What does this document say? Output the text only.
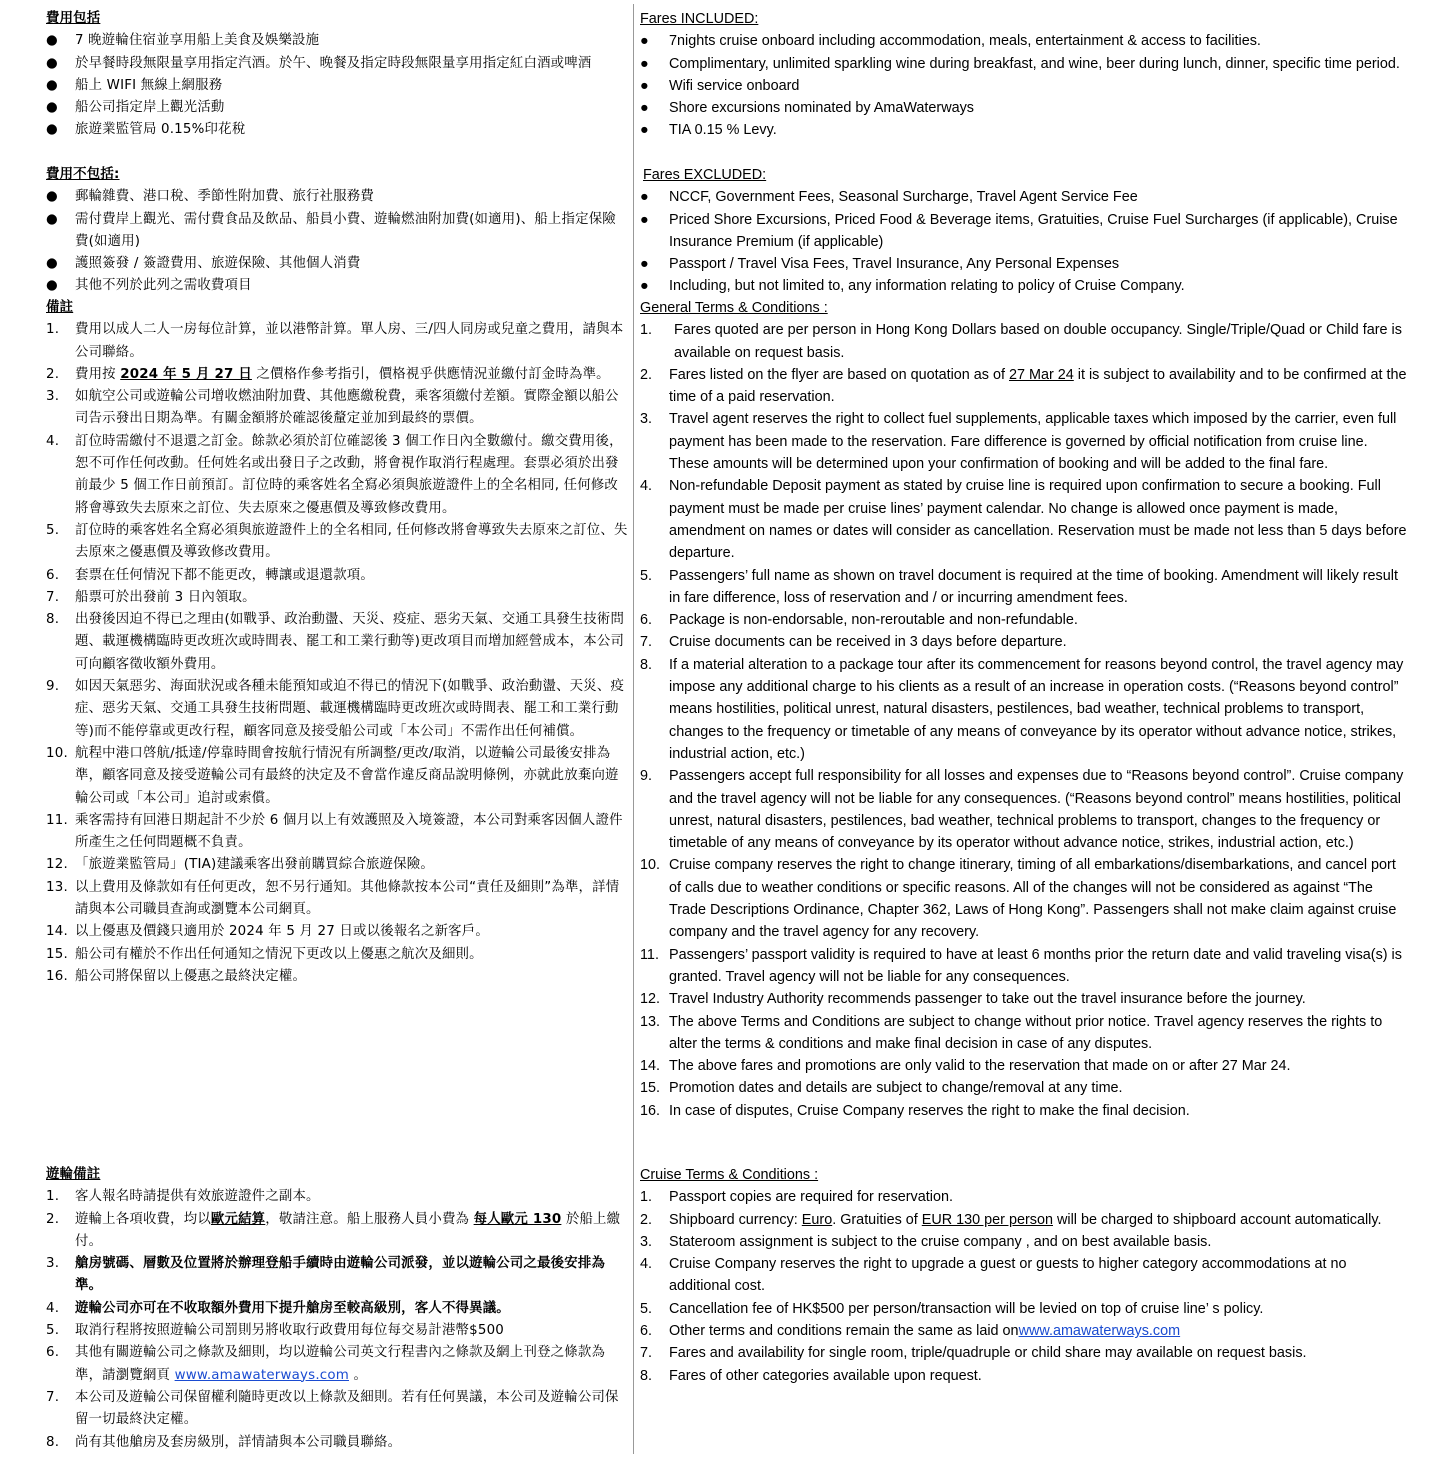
費用包括
●	7 晚遊輪住宿並享用船上美食及娛樂設施
●	於早餐時段無限量享用指定汽酒。於午、晚餐及指定時段無限量享用指定紅白酒或啤酒
●	船上 WIFI 無線上網服務
●	船公司指定岸上觀光活動
●	旅遊業監管局 0.15%印花稅
費用不包括:
●	郵輪雜費、港口稅、季節性附加費、旅行社服務費
●	需付費岸上觀光、需付費食品及飲品、船員小費、遊輪燃油附加費(如適用)、船上指定保險費(如適用)
●	護照簽發 / 簽證費用、旅遊保險、其他個人消費
●	其他不列於此列之需收費項目
備註
1.	費用以成人二人一房每位計算，並以港幣計算。單人房、三/四人同房或兒童之費用，請與本公司聯絡。
2.	費用按 2024 年 5 月 27 日 之價格作參考指引，價格視乎供應情況並繳付訂金時為準。
3.	如航空公司或遊輪公司增收燃油附加費、其他應繳稅費，乘客須繳付差額。實際金額以船公司告示發出日期為準。有關金額將於確認後釐定並加到最終的票價。
4.	訂位時需繳付不退還之訂金。餘款必須於訂位確認後 3 個工作日內全數繳付。繳交費用後，恕不可作任何改動。任何姓名或出發日子之改動，將會視作取消行程處理。套票必須於出發前最少 5 個工作日前預訂。訂位時的乘客姓名全寫必須與旅遊證件上的全名相同, 任何修改將會導致失去原來之訂位、失去原來之優惠價及導致修改費用。
5.	訂位時的乘客姓名全寫必須與旅遊證件上的全名相同, 任何修改將會導致失去原來之訂位、失去原來之優惠價及導致修改費用。
6.	套票在任何情況下都不能更改，轉讓或退還款項。
7.	船票可於出發前 3 日內領取。
8.	出發後因迫不得已之理由(如戰爭、政治動盪、天災、疫症、惡劣天氣、交通工具發生技術問題、載運機構臨時更改班次或時間表、罷工和工業行動等)更改項目而增加經營成本，本公司可向顧客徵收額外費用。
9.	如因天氣惡劣、海面狀況或各種未能預知或迫不得已的情況下(如戰爭、政治動盪、天災、疫症、惡劣天氣、交通工具發生技術問題、載運機構臨時更改班次或時間表、罷工和工業行動等)而不能停靠或更改行程，顧客同意及接受船公司或「本公司」不需作出任何補償。
10. 航程中港口啓航/抵達/停靠時間會按航行情況有所調整/更改/取消，以遊輪公司最後安排為準，顧客同意及接受遊輪公司有最終的決定及不會當作違反商品說明條例，亦就此放棄向遊輪公司或「本公司」追討或索償。
11. 乘客需持有回港日期起計不少於 6 個月以上有效護照及入境簽證，本公司對乘客因個人證件所產生之任何問題概不負責。
12. 「旅遊業監管局」(TIA)建議乘客出發前購買綜合旅遊保險。
13. 以上費用及條款如有任何更改，恕不另行通知。其他條款按本公司“責任及細則”為準，詳情請與本公司職員查詢或瀏覽本公司網頁。
14. 以上優惠及價錢只適用於 2024 年 5 月 27 日或以後報名之新客戶。
15. 船公司有權於不作出任何通知之情況下更改以上優惠之航次及細則。
16. 船公司將保留以上優惠之最終決定權。
遊輪備註
1.	客人報名時請提供有效旅遊證件之副本。
2.	遊輪上各項收費，均以歐元結算，敬請注意。船上服務人員小費為 每人歐元 130 於船上繳付。
3.	艙房號碼、層數及位置將於辦理登船手續時由遊輪公司派發，並以遊輪公司之最後安排為準。
4.	遊輪公司亦可在不收取額外費用下提升艙房至較高級別，客人不得異議。
5.	取消行程將按照遊輪公司罰則另將收取行政費用每位每交易計港幣$500
6.	其他有關遊輪公司之條款及細則，均以遊輪公司英文行程書內之條款及網上刊登之條款為準，請瀏覽網頁 www.amawaterways.com 。
7.	本公司及遊輪公司保留權利隨時更改以上條款及細則。若有任何異議，本公司及遊輪公司保留一切最終決定權。
8.	尚有其他艙房及套房級別，詳情請與本公司職員聯絡。
Fares INCLUDED:
●	7nights cruise onboard including accommodation, meals, entertainment & access to facilities.
●	Complimentary, unlimited sparkling wine during breakfast, and wine, beer during lunch, dinner, specific time period.
●	Wifi service onboard
●	Shore excursions nominated by AmaWaterways
●	TIA 0.15 % Levy.
Fares EXCLUDED:
●	NCCF, Government Fees, Seasonal Surcharge, Travel Agent Service Fee
●	Priced Shore Excursions, Priced Food & Beverage items, Gratuities, Cruise Fuel Surcharges (if applicable), Cruise Insurance Premium (if applicable)
●	Passport / Travel Visa Fees, Travel Insurance, Any Personal Expenses
●	Including, but not limited to, any information relating to policy of Cruise Company.
General Terms & Conditions :
1.	Fares quoted are per person in Hong Kong Dollars based on double occupancy. Single/Triple/Quad or Child fare is available on request basis.
2.	Fares listed on the flyer are based on quotation as of 27 Mar 24 it is subject to availability and to be confirmed at the time of a paid reservation.
3.	Travel agent reserves the right to collect fuel supplements, applicable taxes which imposed by the carrier, even full payment has been made to the reservation. Fare difference is governed by official notification from cruise line. These amounts will be determined upon your confirmation of booking and will be added to the final fare.
4.	Non-refundable Deposit payment as stated by cruise line is required upon confirmation to secure a booking. Full payment must be made per cruise lines’ payment calendar. No change is allowed once payment is made, amendment on names or dates will consider as cancellation. Reservation must be made not less than 5 days before departure.
5.	Passengers’ full name as shown on travel document is required at the time of booking. Amendment will likely result in fare difference, loss of reservation and / or incurring amendment fees.
6.	Package is non-endorsable, non-reroutable and non-refundable.
7.	Cruise documents can be received in 3 days before departure.
8.	If a material alteration to a package tour after its commencement for reasons beyond control, the travel agency may impose any additional charge to his clients as a result of an increase in operation costs. (“Reasons beyond control” means hostilities, political unrest, natural disasters, pestilences, bad weather, technical problems to transport, changes to the frequency or timetable of any means of conveyance by its operator without advance notice, strikes, industrial action, etc.)
9.	Passengers accept full responsibility for all losses and expenses due to “Reasons beyond control”. Cruise company and the travel agency will not be liable for any consequences. (“Reasons beyond control” means hostilities, political unrest, natural disasters, pestilences, bad weather, technical problems to transport, changes to the frequency or timetable of any means of conveyance by its operator without advance notice, strikes, industrial action, etc.)
10. Cruise company reserves the right to change itinerary, timing of all embarkations/disembarkations, and cancel port of calls due to weather conditions or specific reasons. All of the changes will not be considered as against “The Trade Descriptions Ordinance, Chapter 362, Laws of Hong Kong”. Passengers shall not make claim against cruise company and the travel agency for any recovery.
11. Passengers’ passport validity is required to have at least 6 months prior the return date and valid traveling visa(s) is granted. Travel agency will not be liable for any consequences.
12. Travel Industry Authority recommends passenger to take out the travel insurance before the journey.
13. The above Terms and Conditions are subject to change without prior notice. Travel agency reserves the rights to alter the terms & conditions and make final decision in case of any disputes.
14. The above fares and promotions are only valid to the reservation that made on or after 27 Mar 24.
15. Promotion dates and details are subject to change/removal at any time.
16. In case of disputes, Cruise Company reserves the right to make the final decision.
Cruise Terms & Conditions :
1.	Passport copies are required for reservation.
2.	Shipboard currency: Euro. Gratuities of EUR 130 per person will be charged to shipboard account automatically.
3.	Stateroom assignment is subject to the cruise company , and on best available basis.
4.	Cruise Company reserves the right to upgrade a guest or guests to higher category accommodations at no additional cost.
5.	Cancellation fee of HK$500 per person/transaction will be levied on top of cruise line’ s policy.
6.	Other terms and conditions remain the same as laid onwww.amawaterways.com
7.	Fares and availability for single room, triple/quadruple or child share may available on request basis.
8.	Fares of other categories available upon request.
